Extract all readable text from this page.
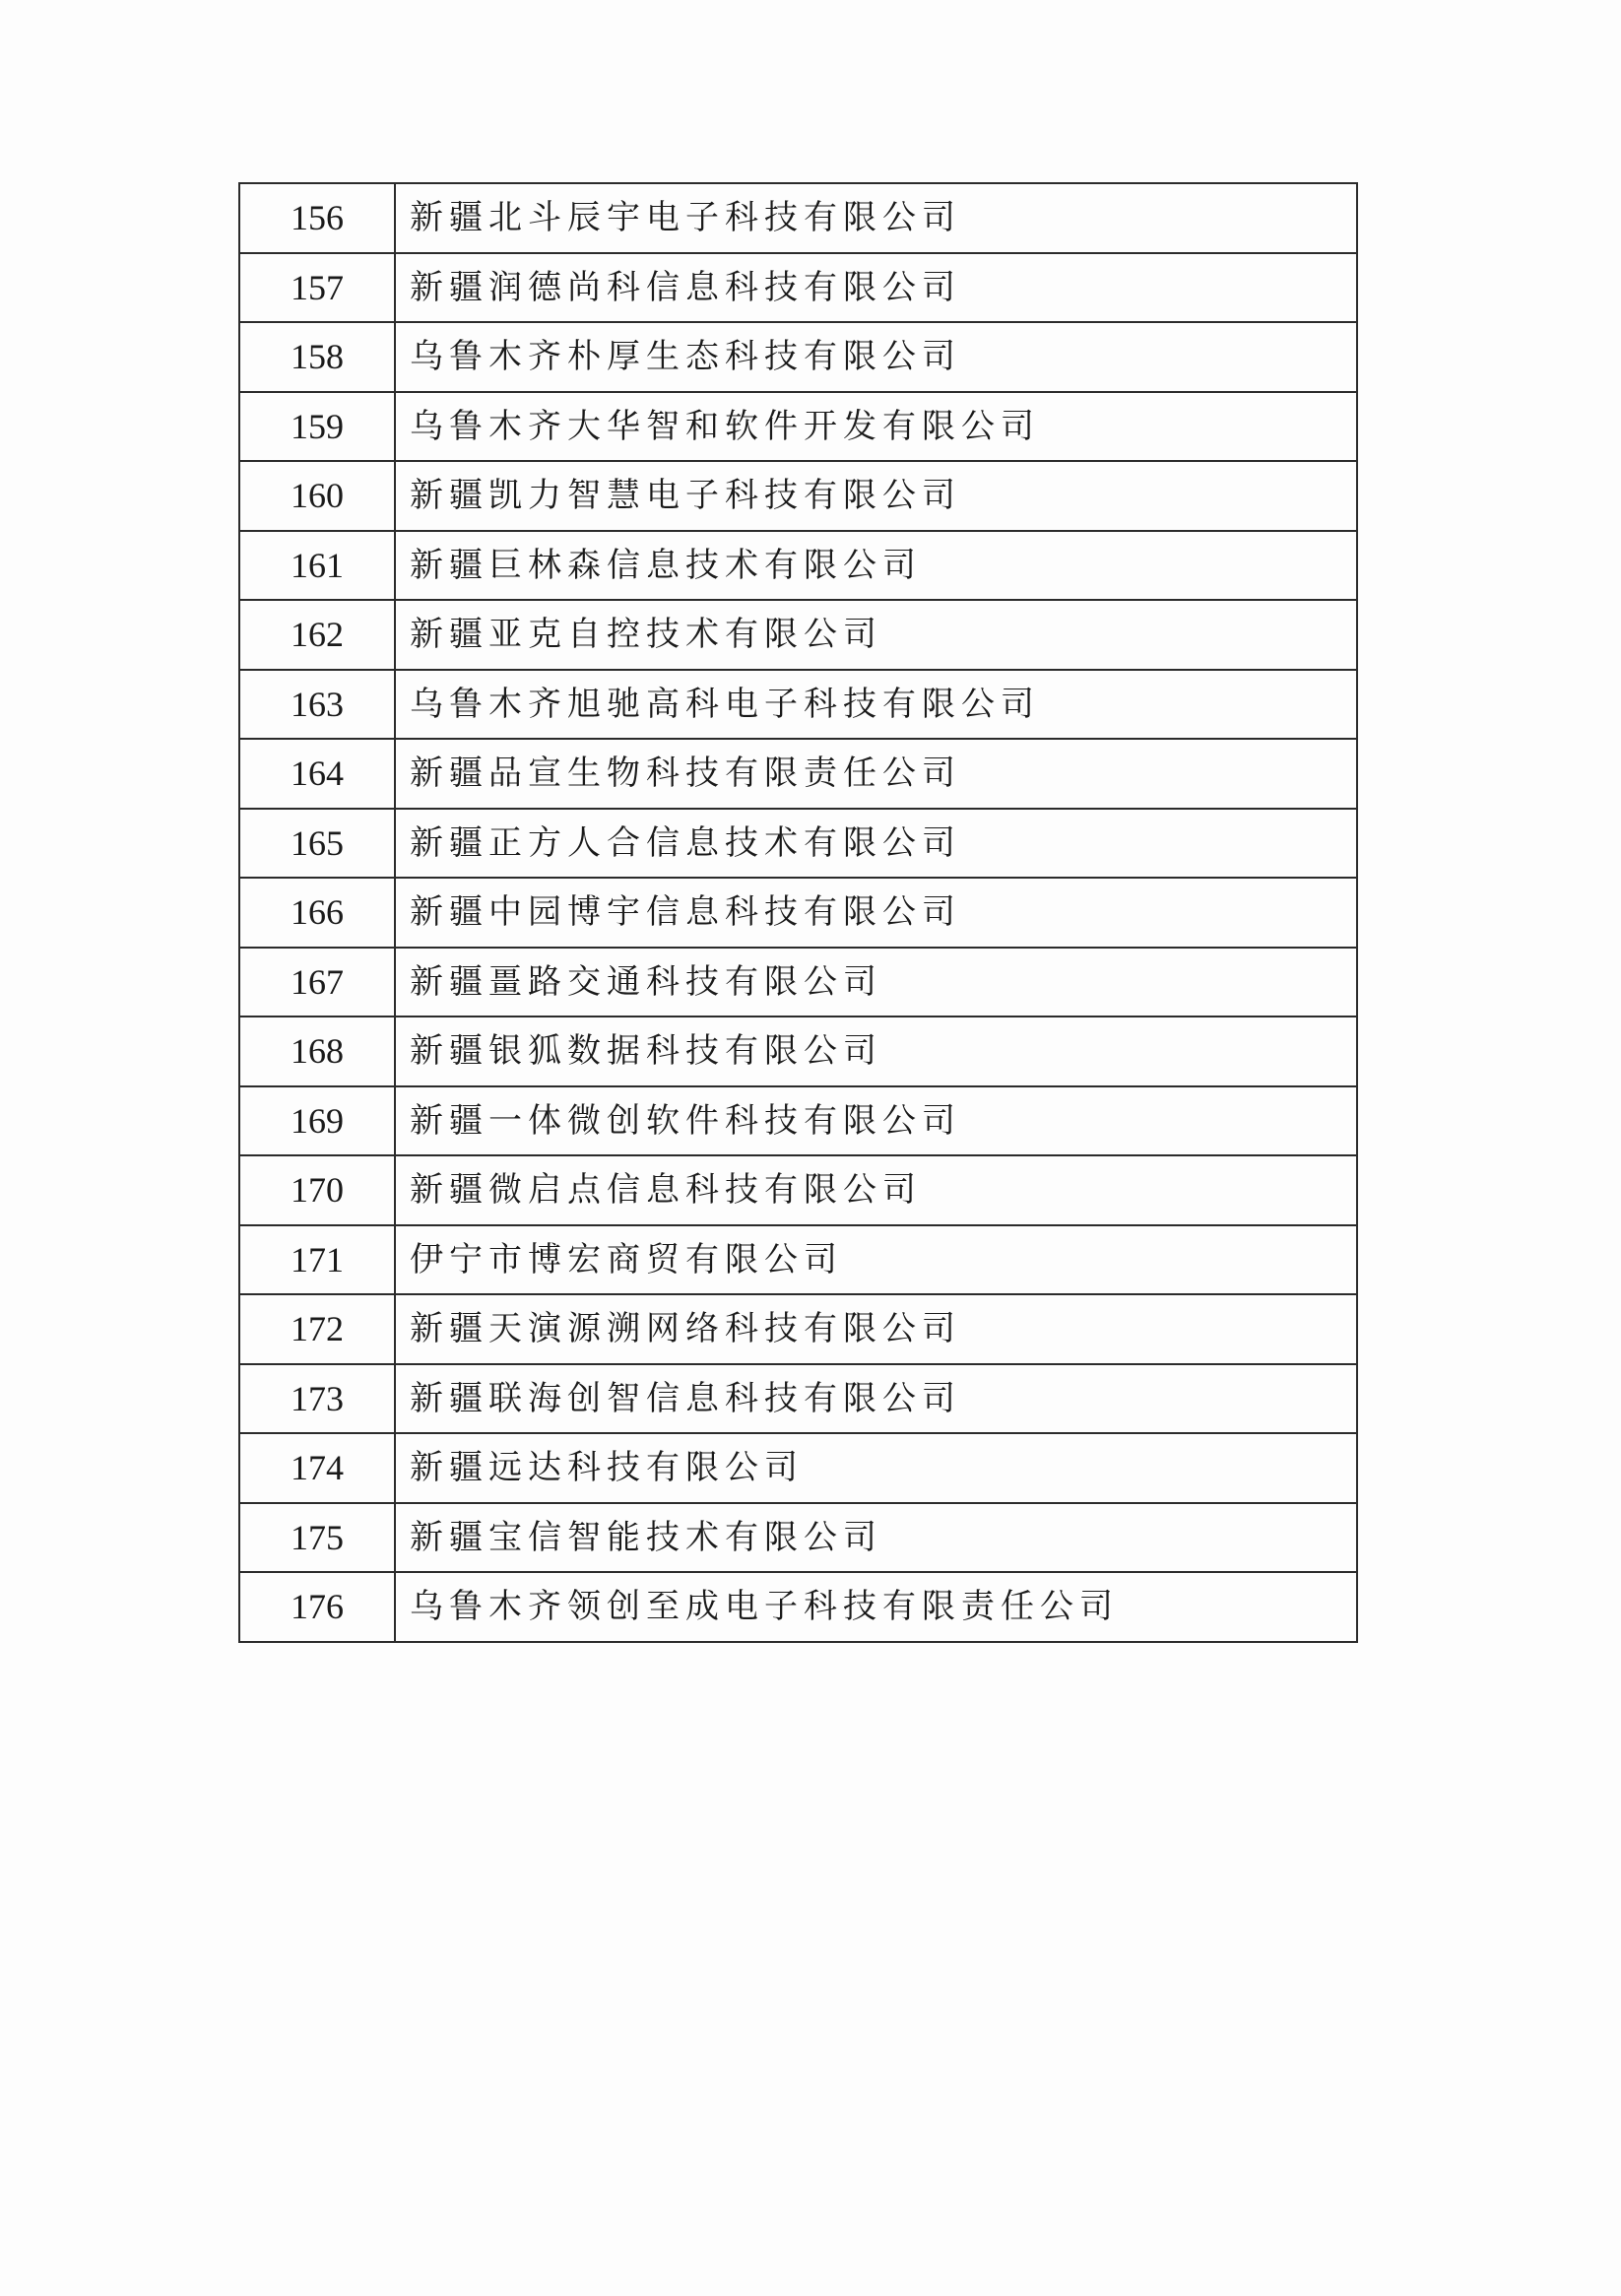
156	新疆北斗辰宇电子科技有限公司
157	新疆润德尚科信息科技有限公司
158	乌鲁木齐朴厚生态科技有限公司
159	乌鲁木齐大华智和软件开发有限公司
160	新疆凯力智慧电子科技有限公司
161	新疆巨林森信息技术有限公司
162	新疆亚克自控技术有限公司
163	乌鲁木齐旭驰高科电子科技有限公司
164	新疆品宣生物科技有限责任公司
165	新疆正方人合信息技术有限公司
166	新疆中园博宇信息科技有限公司
167	新疆畺路交通科技有限公司
168	新疆银狐数据科技有限公司
169	新疆一体微创软件科技有限公司
170	新疆微启点信息科技有限公司
171	伊宁市博宏商贸有限公司
172	新疆天演源溯网络科技有限公司
173	新疆联海创智信息科技有限公司
174	新疆远达科技有限公司
175	新疆宝信智能技术有限公司
176	乌鲁木齐领创至成电子科技有限责任公司
